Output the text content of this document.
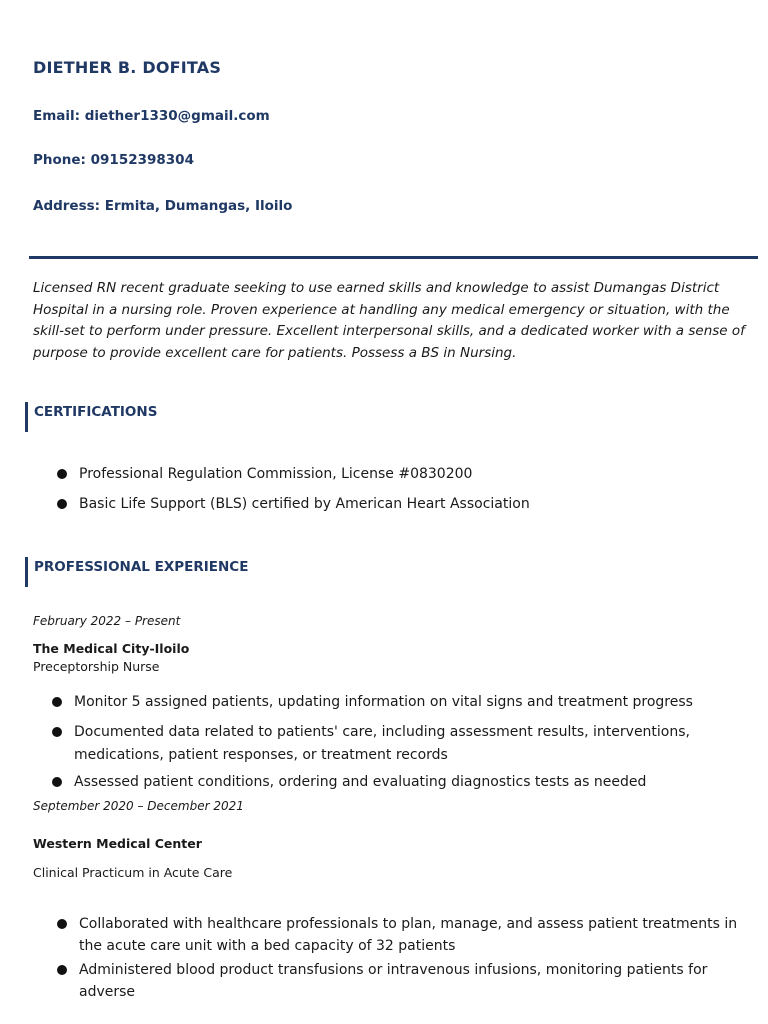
DIETHER B. DOFITAS
Email: diether1330@gmail.com
Phone: 09152398304
Address: Ermita, Dumangas, Iloilo
Licensed RN recent graduate seeking to use earned skills and knowledge to assist Dumangas District Hospital in a nursing role. Proven experience at handling any medical emergency or situation, with the skill-set to perform under pressure. Excellent interpersonal skills, and a dedicated worker with a sense of purpose to provide excellent care for patients. Possess a BS in Nursing.
CERTIFICATIONS
Professional Regulation Commission, License #0830200
Basic Life Support (BLS) certified by American Heart Association
PROFESSIONAL EXPERIENCE
February 2022 – Present
The Medical City-Iloilo
Preceptorship Nurse
Monitor 5 assigned patients, updating information on vital signs and treatment progress
Documented data related to patients' care, including assessment results, interventions, medications, patient responses, or treatment records
Assessed patient conditions, ordering and evaluating diagnostics tests as needed
September 2020 – December 2021
Western Medical Center
Clinical Practicum in Acute Care
Collaborated with healthcare professionals to plan, manage, and assess patient treatments in the acute care unit with a bed capacity of 32 patients
Administered blood product transfusions or intravenous infusions, monitoring patients for adverse
